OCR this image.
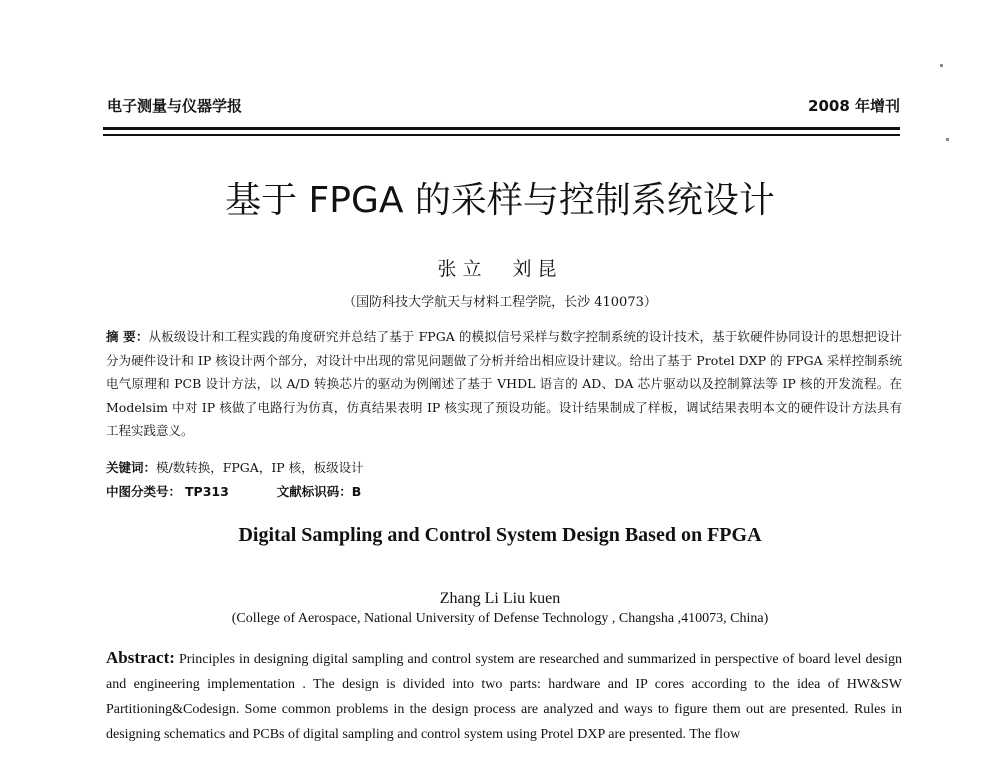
电子测量与仪器学报	2008 年增刊
基于 FPGA 的采样与控制系统设计
张立　刘昆
（国防科技大学航天与材料工程学院，长沙 410073）
摘 要：从板级设计和工程实践的角度研究并总结了基于 FPGA 的模拟信号采样与数字控制系统的设计技术，基于软硬件协同设计的思想把设计分为硬件设计和 IP 核设计两个部分，对设计中出现的常见问题做了分析并给出相应设计建议。给出了基于 Protel DXP 的 FPGA 采样控制系统电气原理和 PCB 设计方法，以 A/D 转换芯片的驱动为例阐述了基于 VHDL 语言的 AD、DA 芯片驱动以及控制算法等 IP 核的开发流程。在 Modelsim 中对 IP 核做了电路行为仿真，仿真结果表明 IP 核实现了预设功能。设计结果制成了样板，调试结果表明本文的硬件设计方法具有工程实践意义。
关键词：模/数转换，FPGA，IP 核，板级设计
中图分类号： TP313	文献标识码：B
Digital Sampling and Control System Design Based on FPGA
Zhang Li Liu kuen
(College of Aerospace, National University of Defense Technology , Changsha ,410073, China)
Abstract: Principles in designing digital sampling and control system are researched and summarized in perspective of board level design and engineering implementation . The design is divided into two parts: hardware and IP cores according to the idea of HW&SW Partitioning&Codesign. Some common problems in the design process are analyzed and ways to figure them out are presented. Rules in designing schematics and PCBs of digital sampling and control system using Protel DXP are presented. The flow
